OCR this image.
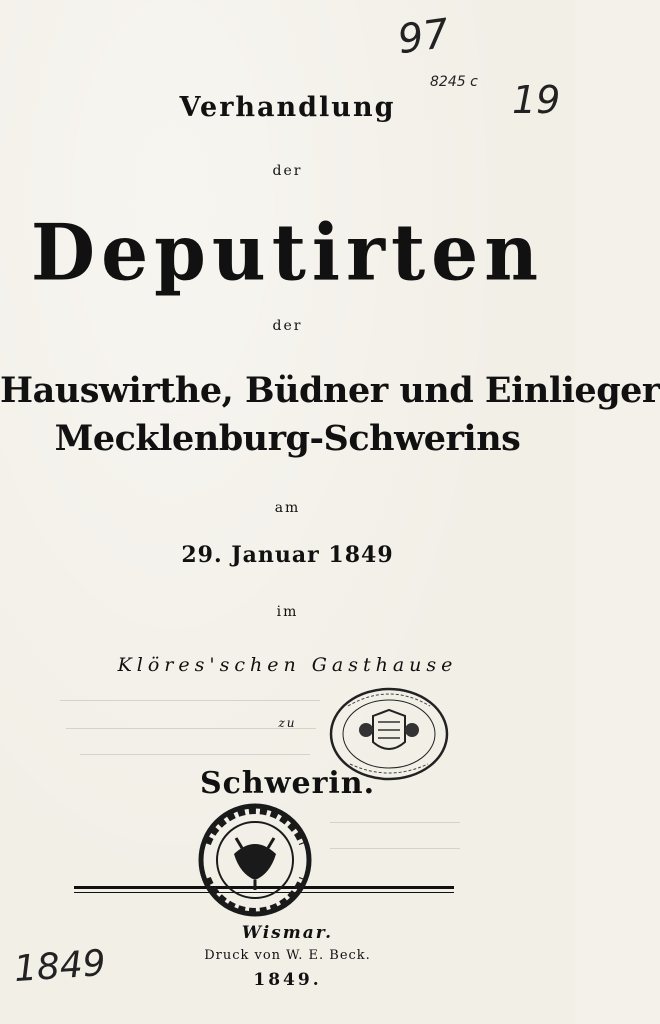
97
8245 c 19
Verhandlung
der
Deputirten
der
Hauswirthe, Büdner und Einlieger
Mecklenburg-Schwerins
am
29. Januar 1849
im
Klöres'schen Gasthause
zu
Schwerin.
Wismar.
Druck von W. E. Beck.
1849.
1849
